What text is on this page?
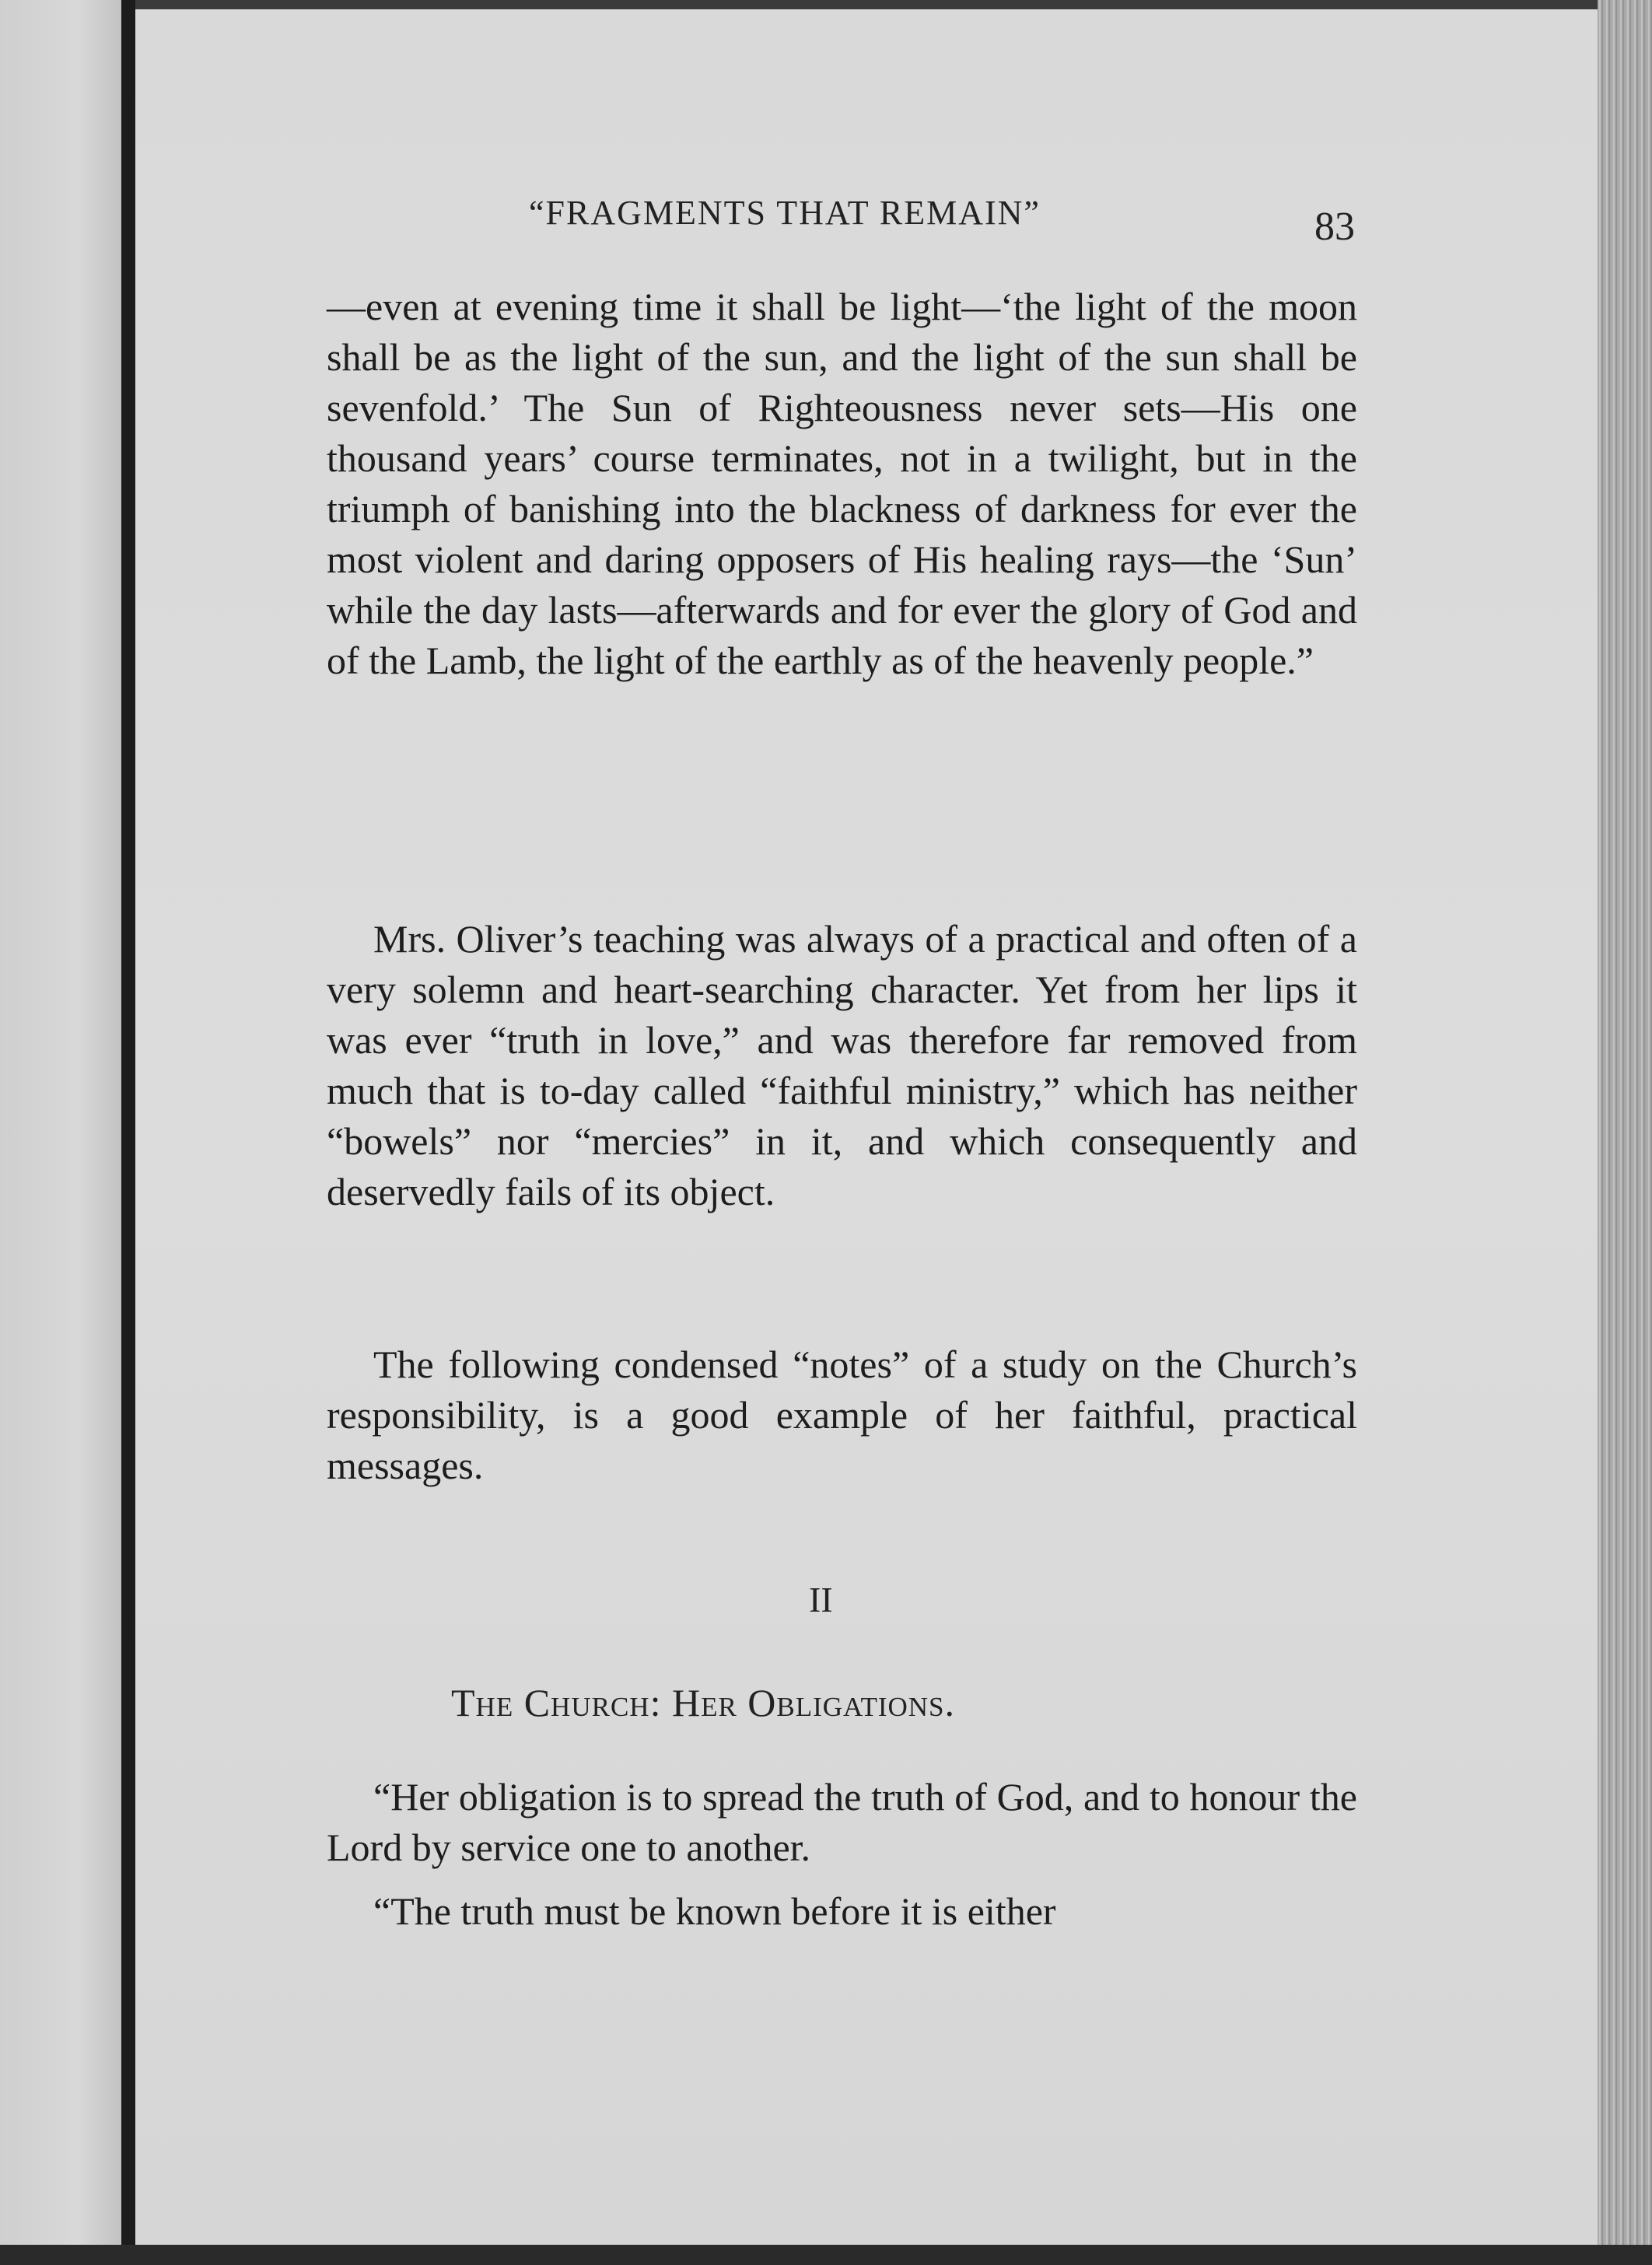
“FRAGMENTS THAT REMAIN”	83

—even at evening time it shall be light—‘the light of the moon shall be as the light of the sun, and the light of the sun shall be sevenfold.’ The Sun of Righteousness never sets—His one thousand years’ course terminates, not in a twilight, but in the triumph of banishing into the blackness of darkness for ever the most violent and daring opposers of His healing rays—the ‘Sun’ while the day lasts—afterwards and for ever the glory of God and of the Lamb, the light of the earthly as of the heavenly people.”

Mrs. Oliver’s teaching was always of a practical and often of a very solemn and heart-searching character. Yet from her lips it was ever “truth in love,” and was therefore far removed from much that is to-day called “faithful ministry,” which has neither “bowels” nor “mercies” in it, and which consequently and deservedly fails of its object.

The following condensed “notes” of a study on the Church’s responsibility, is a good example of her faithful, practical messages.

II
The Church: Her Obligations.

“Her obligation is to spread the truth of God, and to honour the Lord by service one to another.

“The truth must be known before it is either
